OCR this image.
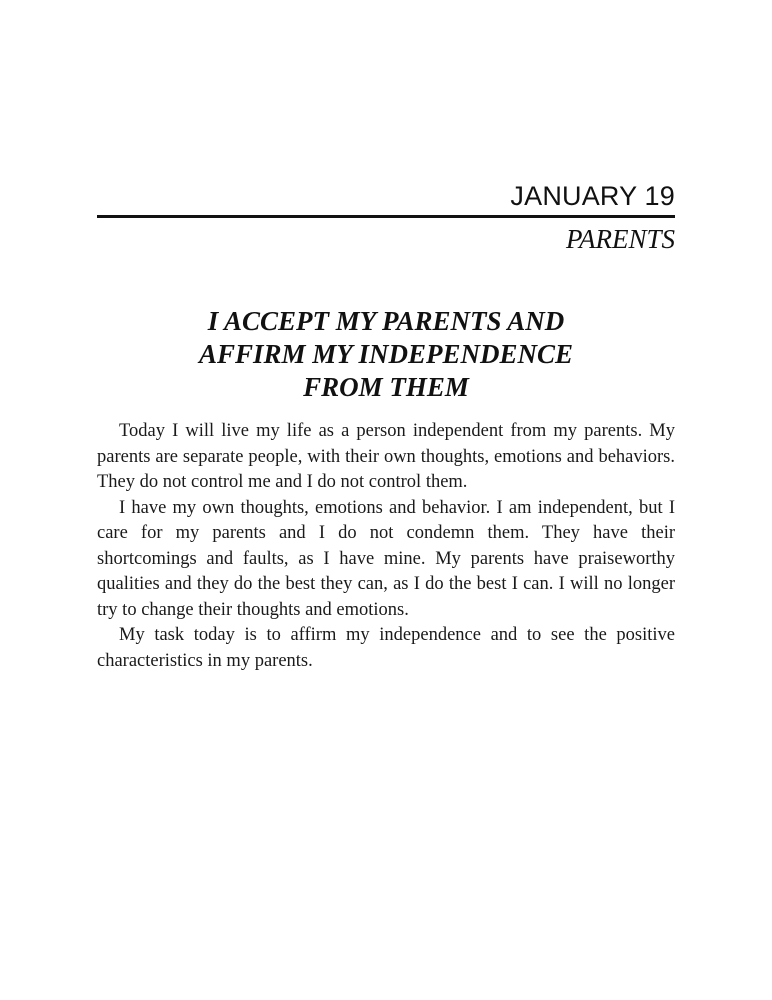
JANUARY 19
PARENTS
I ACCEPT MY PARENTS AND
AFFIRM MY INDEPENDENCE
FROM THEM

Today I will live my life as a person independent from my parents. My parents are separate people, with their own thoughts, emotions and behaviors. They do not control me and I do not control them.

I have my own thoughts, emotions and behavior. I am independent, but I care for my parents and I do not condemn them. They have their shortcomings and faults, as I have mine. My parents have praiseworthy qualities and they do the best they can, as I do the best I can. I will no longer try to change their thoughts and emotions.

My task today is to affirm my independence and to see the positive characteristics in my parents.
